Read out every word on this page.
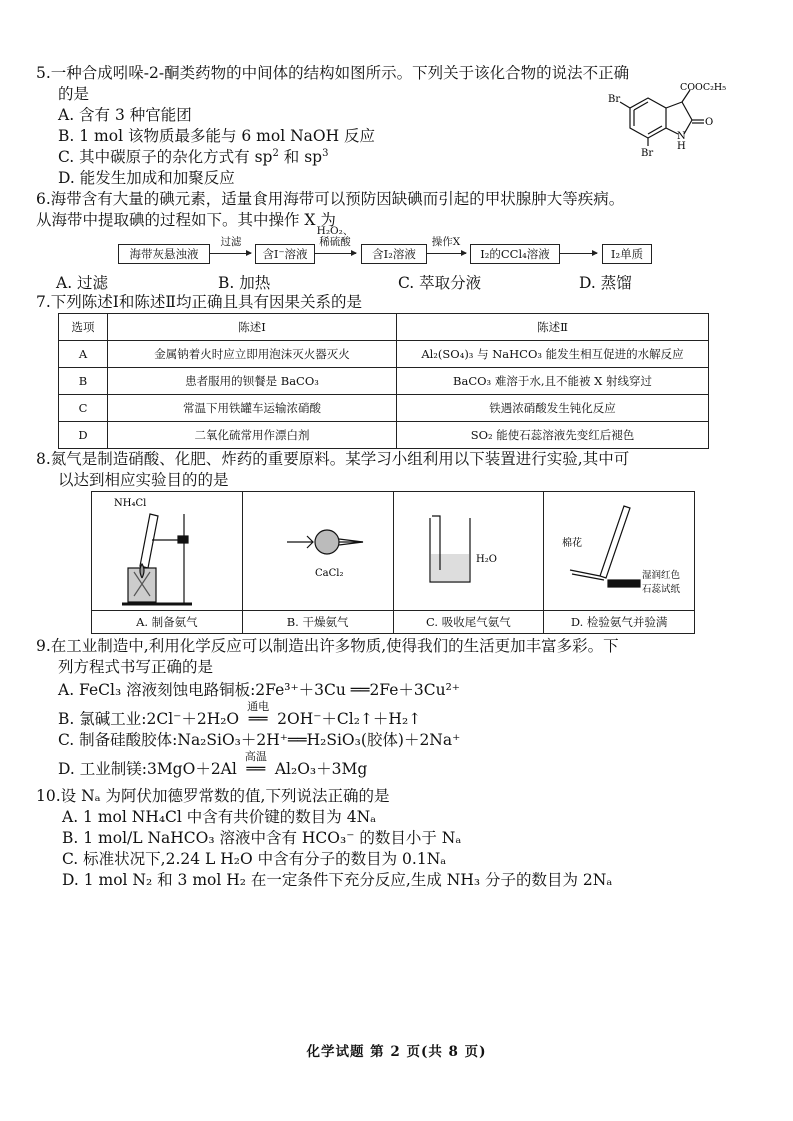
5.一种合成吲哚-2-酮类药物的中间体的结构如图所示。下列关于该化合物的说法不正确

的是

A. 含有 3 种官能团

B. 1 mol 该物质最多能与 6 mol NaOH 反应

C. 其中碳原子的杂化方式有 $sp^2$ 和 $sp^3$

D. 能发生加成和加聚反应

Br
Br
COOC₂H₅
N
H
O

6.海带含有大量的碘元素，适量食用海带可以预防因缺碘而引起的甲状腺肿大等疾病。

从海带中提取碘的过程如下。其中操作 X 为

海带灰悬浊液
过滤
含I⁻溶液
H₂O₂、
稀硫酸
含I₂溶液
操作X
I₂的CCl₄溶液	I₂单质
A. 过滤	B. 加热	C. 萃取分液	D. 蒸馏

7.下列陈述Ⅰ和陈述Ⅱ均正确且具有因果关系的是

选项	陈述Ⅰ	陈述Ⅱ
A	金属钠着火时应立即用泡沫灭火器灭火	Al₂(SO₄)₃ 与 NaHCO₃ 能发生相互促进的水解反应
B	患者服用的钡餐是 BaCO₃	BaCO₃ 难溶于水,且不能被 X 射线穿过
C	常温下用铁罐车运输浓硝酸	铁遇浓硝酸发生钝化反应
D	二氧化硫常用作漂白剂	SO₂ 能使石蕊溶液先变红后褪色

8.氮气是制造硝酸、化肥、炸药的重要原料。某学习小组利用以下装置进行实验,其中可

以达到相应实验目的的是

NH₄Cl
A. 制备氨气
CaCl₂
B. 干燥氨气
H₂O
C. 吸收尾气氨气
棉花
湿润红色
石蕊试纸
D. 检验氨气并验满

9.在工业制造中,利用化学反应可以制造出许多物质,使得我们的生活更加丰富多彩。下

列方程式书写正确的是

A. FeCl₃ 溶液刻蚀电路铜板:2Fe³⁺＋3Cu ══2Fe＋3Cu²⁺

B. 氯碱工业:2Cl⁻＋2H₂O
通电
══ 2OH⁻＋Cl₂↑＋H₂↑

C. 制备硅酸胶体:Na₂SiO₃＋2H⁺══H₂SiO₃(胶体)＋2Na⁺

D. 工业制镁:3MgO＋2Al
高温
══ Al₂O₃＋3Mg

10.设 Nₐ 为阿伏加德罗常数的值,下列说法正确的是

A. 1 mol NH₄Cl 中含有共价键的数目为 4Nₐ

B. 1 mol/L NaHCO₃ 溶液中含有 HCO₃⁻ 的数目小于 Nₐ

C. 标准状况下,2.24 L H₂O 中含有分子的数目为 0.1Nₐ

D. 1 mol N₂ 和 3 mol H₂ 在一定条件下充分反应,生成 NH₃ 分子的数目为 2Nₐ

化学试题 第 2 页(共 8 页)
